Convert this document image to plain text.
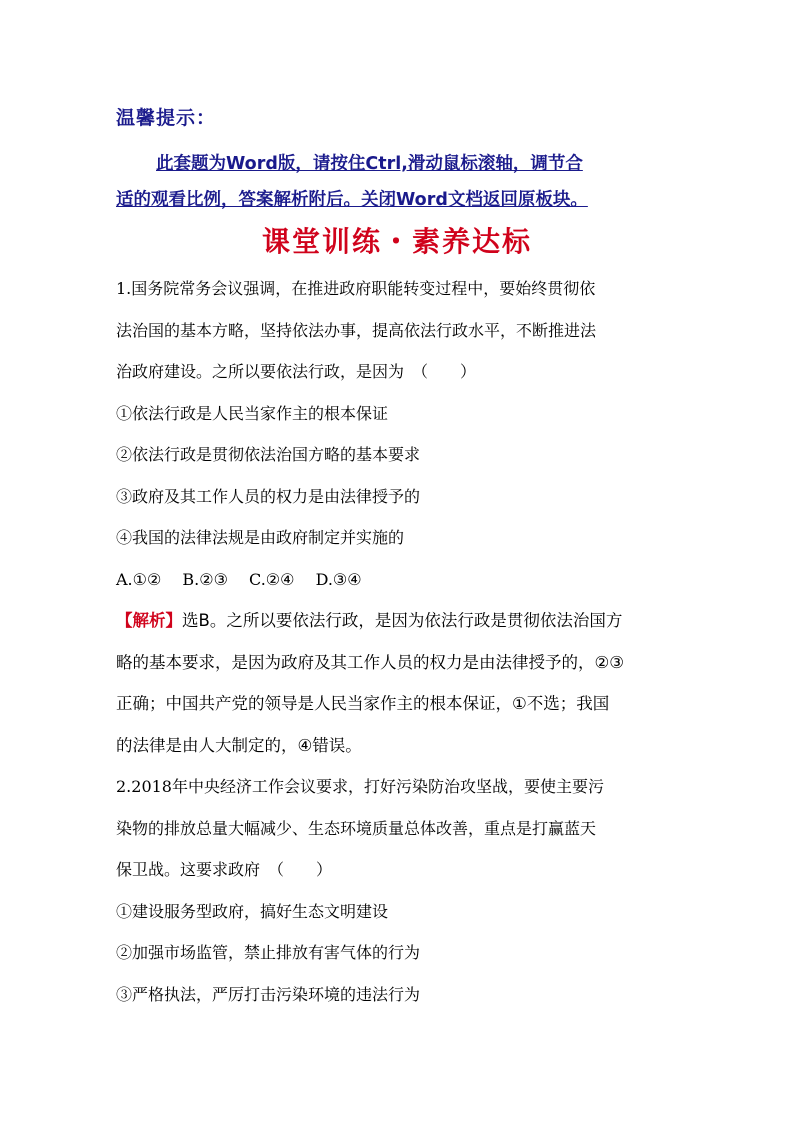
温馨提示：
此套题为Word版，请按住Ctrl,滑动鼠标滚轴，调节合
适的观看比例，答案解析附后。关闭Word文档返回原板块。
课堂训练・素养达标

1.国务院常务会议强调，在推进政府职能转变过程中，要始终贯彻依

法治国的基本方略，坚持依法办事，提高依法行政水平，不断推进法

治政府建设。之所以要依法行政，是因为　（　　）

①依法行政是人民当家作主的根本保证

②依法行政是贯彻依法治国方略的基本要求

③政府及其工作人员的权力是由法律授予的

④我国的法律法规是由政府制定并实施的

A.①②　 B.②③　 C.②④　 D.③④

【解析】选B。之所以要依法行政，是因为依法行政是贯彻依法治国方

略的基本要求，是因为政府及其工作人员的权力是由法律授予的，②③

正确；中国共产党的领导是人民当家作主的根本保证，①不选；我国

的法律是由人大制定的，④错误。

2.2018年中央经济工作会议要求，打好污染防治攻坚战，要使主要污

染物的排放总量大幅减少、生态环境质量总体改善，重点是打赢蓝天

保卫战。这要求政府　（　　）

①建设服务型政府，搞好生态文明建设

②加强市场监管，禁止排放有害气体的行为

③严格执法，严厉打击污染环境的违法行为
